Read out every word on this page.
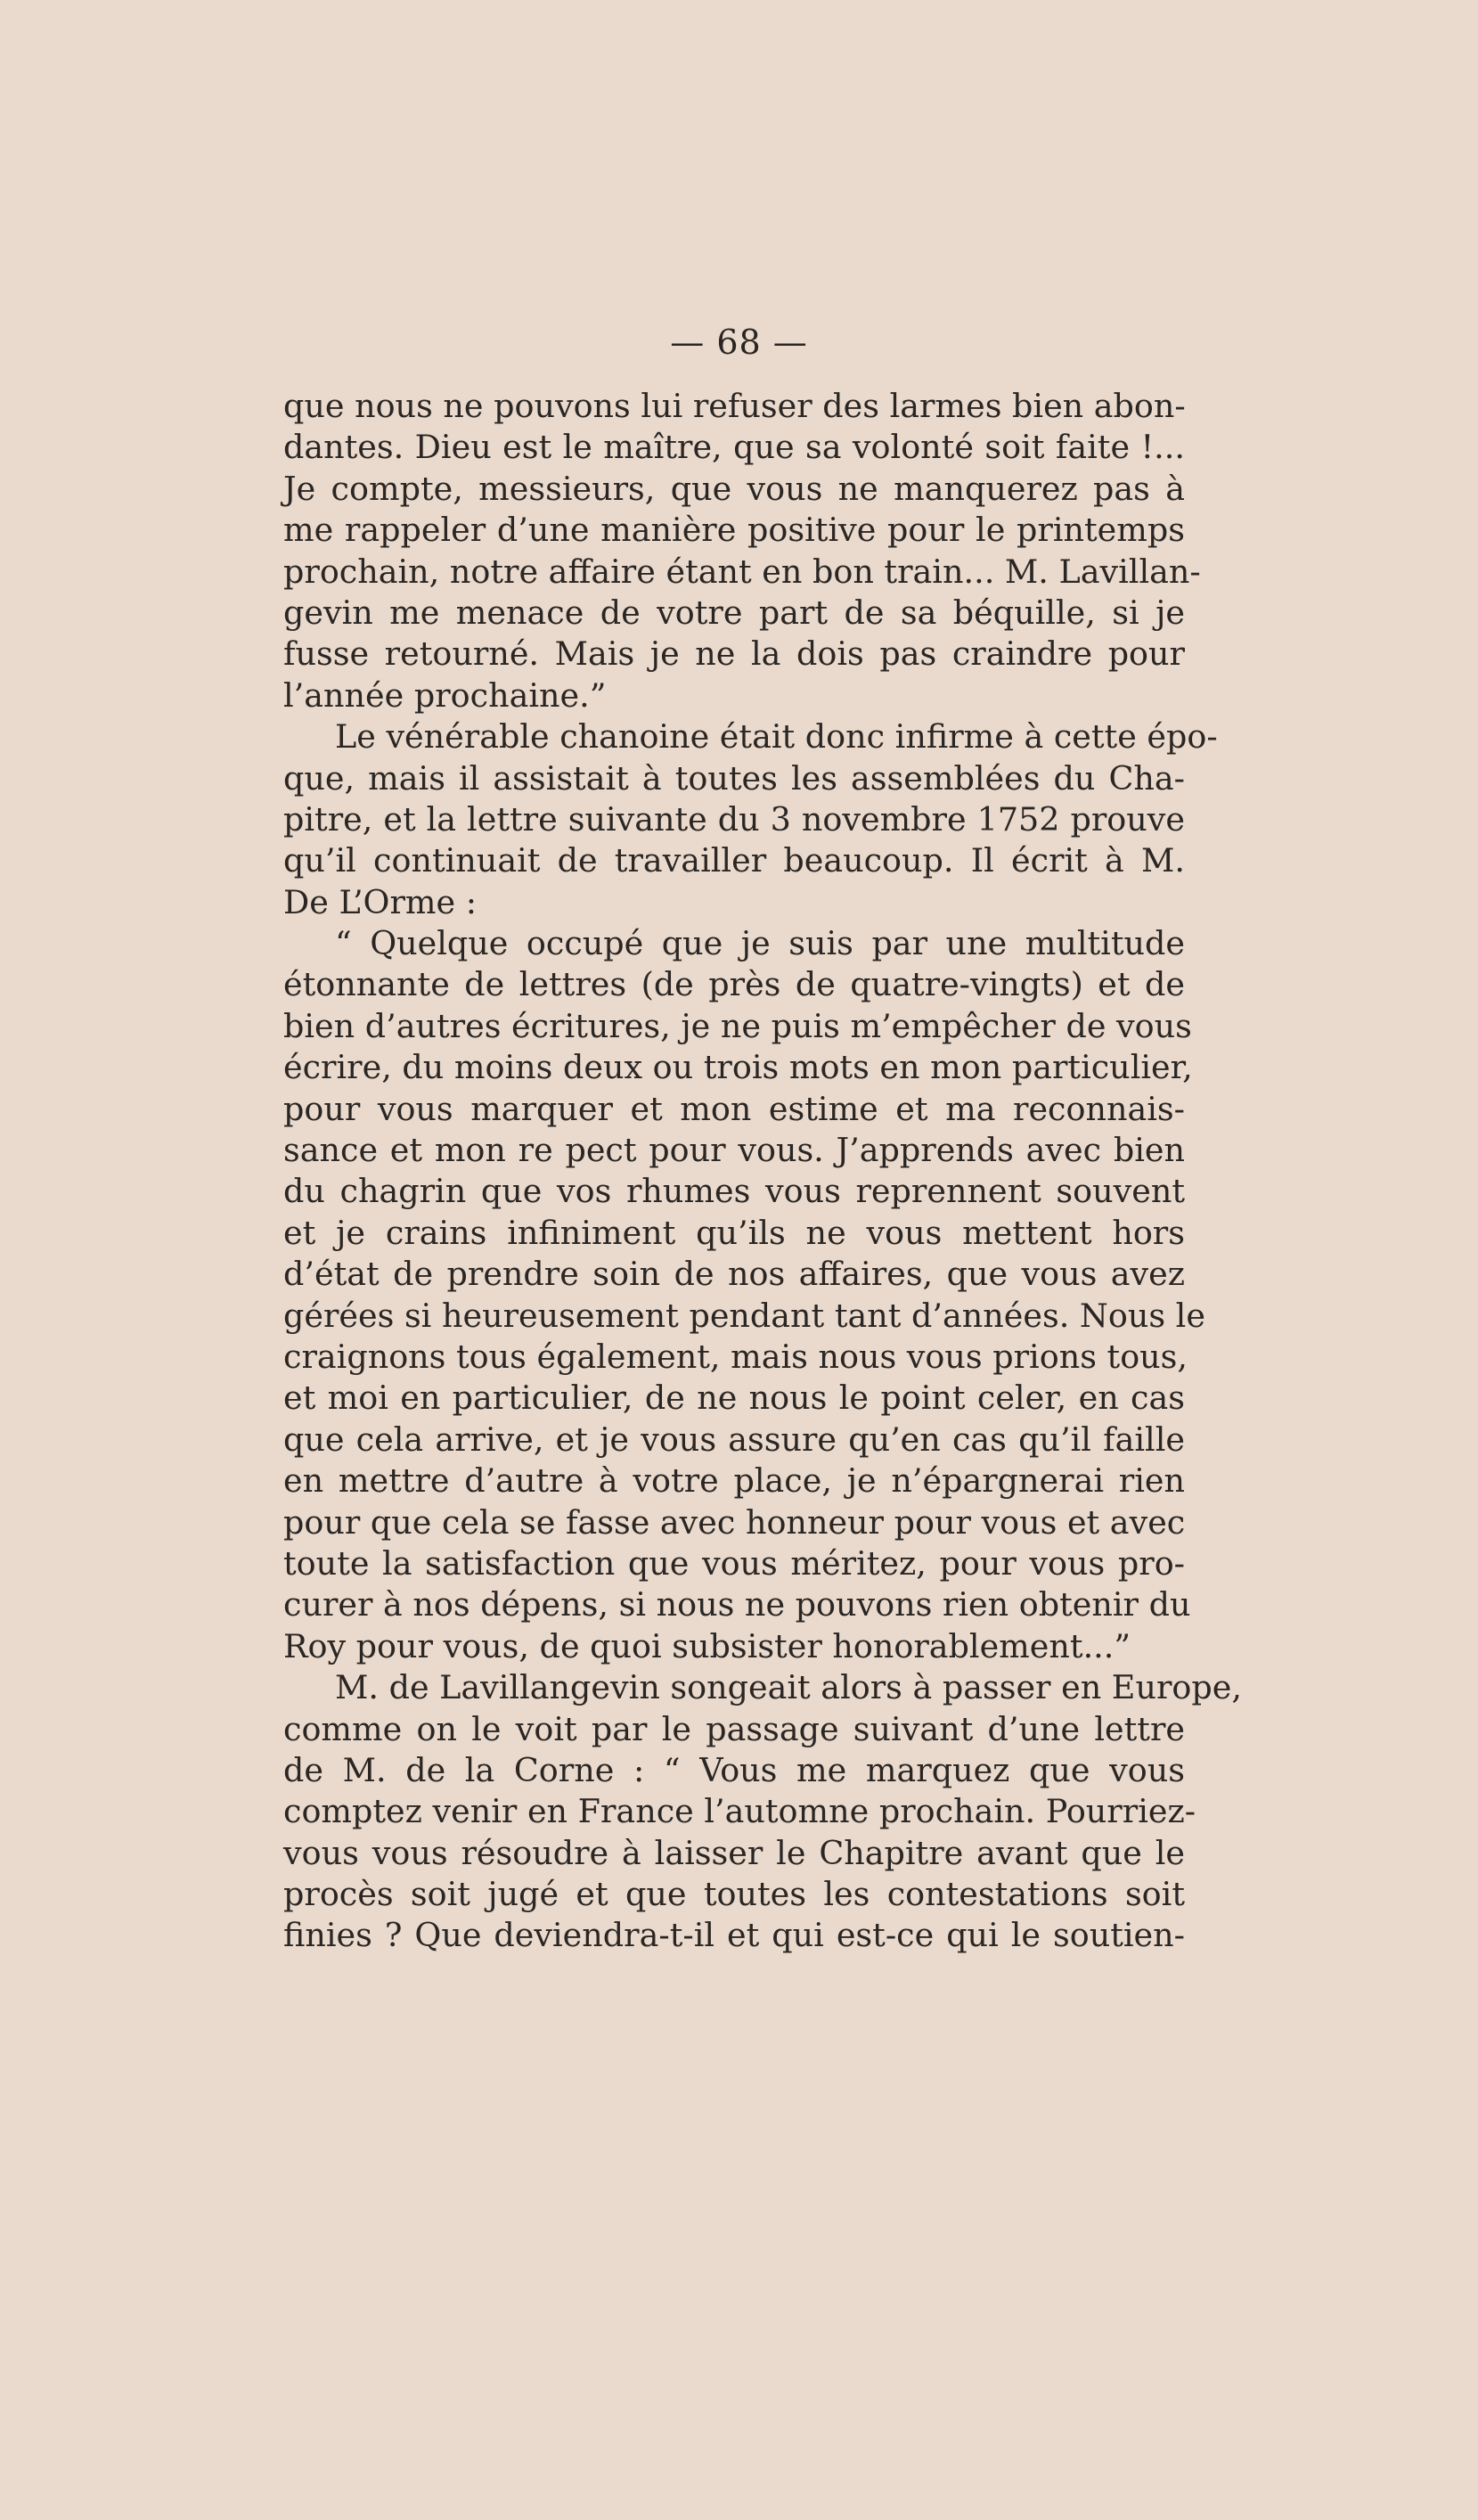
— 68 —
que nous ne pouvons lui refuser des larmes bien abon-
dantes. Dieu est le maître, que sa volonté soit faite !...
Je compte, messieurs, que vous ne manquerez pas à
me rappeler d’une manière positive pour le printemps
prochain, notre affaire étant en bon train... M. Lavillan-
gevin me menace de votre part de sa béquille, si je
fusse retourné. Mais je ne la dois pas craindre pour
l’année prochaine.”
Le vénérable chanoine était donc infirme à cette épo-
que, mais il assistait à toutes les assemblées du Cha-
pitre, et la lettre suivante du 3 novembre 1752 prouve
qu’il continuait de travailler beaucoup. Il écrit à M.
De L’Orme :
“ Quelque occupé que je suis par une multitude
étonnante de lettres (de près de quatre-vingts) et de
bien d’autres écritures, je ne puis m’empêcher de vous
écrire, du moins deux ou trois mots en mon particulier,
pour vous marquer et mon estime et ma reconnais-
sance et mon re pect pour vous. J’apprends avec bien
du chagrin que vos rhumes vous reprennent souvent
et je crains infiniment qu’ils ne vous mettent hors
d’état de prendre soin de nos affaires, que vous avez
gérées si heureusement pendant tant d’années. Nous le
craignons tous également, mais nous vous prions tous,
et moi en particulier, de ne nous le point celer, en cas
que cela arrive, et je vous assure qu’en cas qu’il faille
en mettre d’autre à votre place, je n’épargnerai rien
pour que cela se fasse avec honneur pour vous et avec
toute la satisfaction que vous méritez, pour vous pro-
curer à nos dépens, si nous ne pouvons rien obtenir du
Roy pour vous, de quoi subsister honorablement...”
M. de Lavillangevin songeait alors à passer en Europe,
comme on le voit par le passage suivant d’une lettre
de M. de la Corne : “ Vous me marquez que vous
comptez venir en France l’automne prochain. Pourriez-
vous vous résoudre à laisser le Chapitre avant que le
procès soit jugé et que toutes les contestations soit
finies ? Que deviendra-t-il et qui est-ce qui le soutien-
